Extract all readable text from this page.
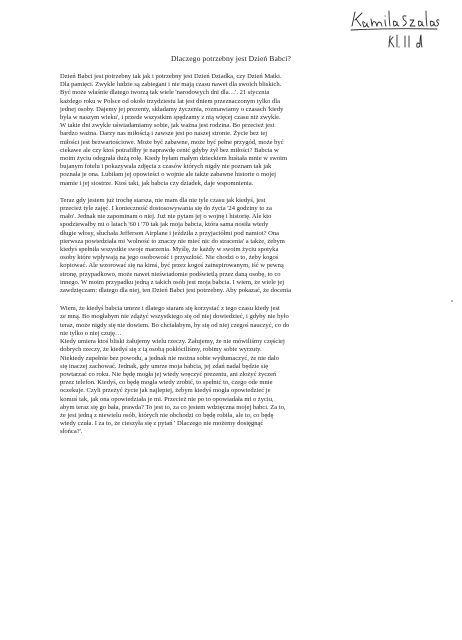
Dlaczego potrzebny jest Dzień Babci?

Dzień Babci jest potrzebny tak jak i potrzebny jest Dzień Dziadka, czy Dzień Matki.
Dla pamięci. Zwykle ludzie są zabiegani i nie mają czasu nawet dla swoich bliskich.
Być może właśnie dlatego tworzą tak wiele 'narodowych dni dla…'. 21 stycznia
każdego roku w Polsce od około trzydziestu lat jest dniem przeznaczonym tylko dla
jednej osoby. Dajemy jej prezenty, składamy życzenia, rozmawiamy o czasach 'kiedy
była w naszym wieku', i przede wszystkim spędzamy z nią więcej czasu niż zwykle.
W takie dni zwykle uświadamiamy sobie, jak ważna jest rodzina. Bo przecież jest
bardzo ważna. Darzy nas miłością i zawsze jest po naszej stronie. Życie bez tej
miłości jest bezwartościowe. Może być zabawne, może być pełne przygód, może być
ciekawe ale czy ktoś potrafiłby je naprawdę cenić gdyby żył bez miłości? Babcia w
moim życiu odegrała dużą rolę. Kiedy byłam małym dzieckiem huśtała mnie w swoim
bujanym fotelu i pokazywała zdjęcia z czasów których nigdy nie poznam tak jak
poznała je ona. Lubiłam jej opowieści o wojnie ale także zabawne historie o mojej
mamie i jej siostrze. Ktoś taki, jak babcia czy dziadek, daje wspomnienia.

Teraz gdy jestem już trochę starsza, nie mam dla nie tyle czasu jak kiedyś, jest
przecież tyle zajęć. I konieczność dostosowywania się do życia '24 godziny to za
mało'. Jednak nie zapominam o niej. Już nie pytam jej o wojnę i historię. Ale kto
spodziewałby mi o latach '60 i '70 tak jak moja babcia, która sama nosiła wtedy
długie włosy, słuchała Jefferson Airplane i jeździła z przyjaciółmi pod namiot? Ona
pierwsza powiedziała mi 'wolność to znaczy nie mieć nic do stracenia' a także, żebym
kiedyś spełniła wszystkie swoje marzenia. Myślę, że każdy w swoim życiu spotyka
osoby które wpływają na jego osobowość i przyszłość. Nie chodzi o to, żeby kogoś
kopiować. Ale wzorować się na kimś, być przez kogoś zainspirowanym, iść w pewną
stronę, przypadkowo, może nawet nieświadomie podświetlą przez daną osobę, to co
innego. W moim przypadku jedną z takich osób jest moja babcia. I wiem, że wiele jej
zawdzięczam: dlatego dla niej, ten Dzień Babci jest potrzebny. Aby pokazać, że docenia

Wiem, że kiedyś babcia umrze i dlatego staram się korzystać z tego czasu kiedy jest
ze mną. Bo mogłabym nie zdążyć wszystkiego się od niej dowiedzieć, i gdyby nie było
teraz, może nigdy się nie dowiem. Bo chciałabym, by się od niej czegoś nauczyć, co do
nie tylko o niej czuję…
Kiedy umiera ktoś bliski żałujemy wielu rzeczy. Żałujemy, że nie mówiliśmy częściej
dobrych rzeczy, że kiedyś się z tą osobą pokłóciliśmy, robimy sobie wyrzuty.
Niekiedy zupełnie bez powodu, a jednak nie można sobie wytłumaczyć, że nie dało
się inaczej zachować. Jednak, gdy umrze moja babcia, jej zdań nadal będzie się
powtarzać co roku. Nie będę mogła jej wtedy wręczyć prezentu, ani złożyć życzeń
przez telefon. Kiedyś, co będę mogła wtedy zrobić, to spełnić to, czego ode mnie
oczekuje. Czyli przeżyć życie jak najlepiej, żebym kiedyś mogła opowiedzieć je
komuś tak, jak ona opowiedziała je mi. Przecież nie po to opowiadała mi o życiu,
abym teraz się go bała, prawda? To jest to, za co jestem wdzięczna mojej babci. Za to,
że jest jedną z niewielu osób, których nie obchodzi co będę robiła, ale to, co będę
wtedy czuła. I za to, że cieszyła się z pytań ' Dlaczego nie możemy dosięgnąć
słońca?'.
